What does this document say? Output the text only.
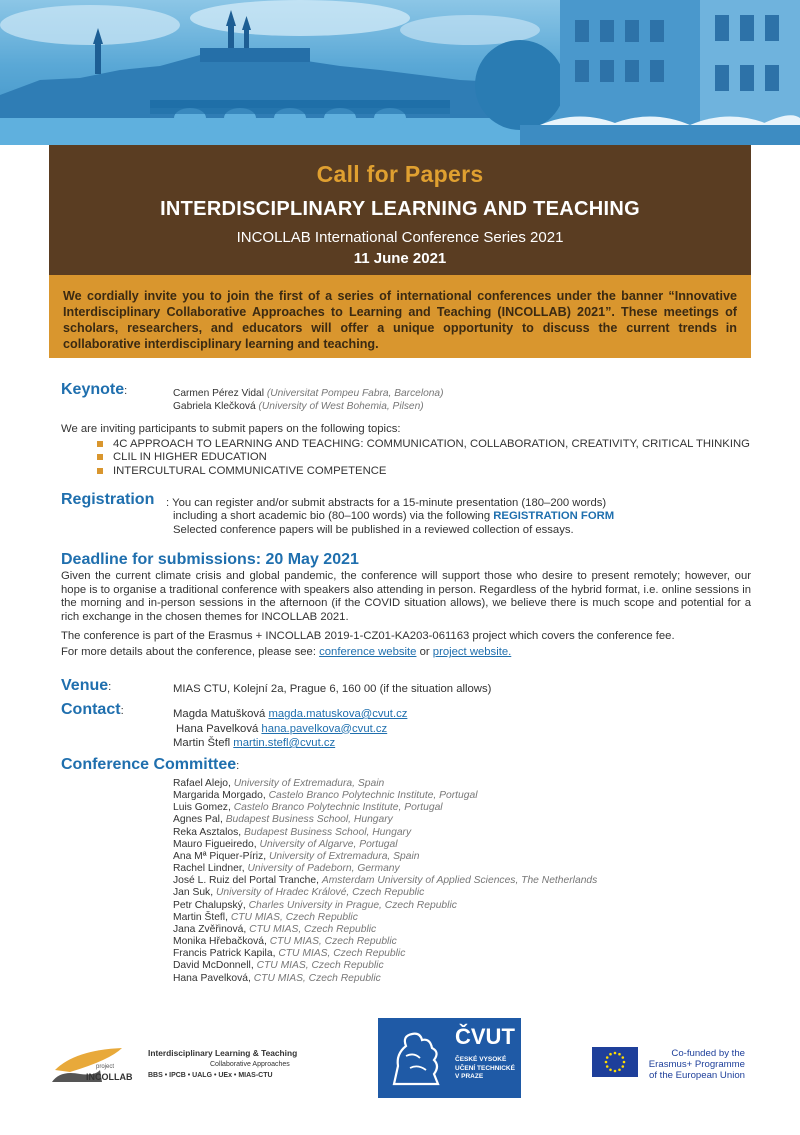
Call for Papers
INTERDISCIPLINARY LEARNING AND TEACHING
INCOLLAB International Conference Series 2021
11 June 2021

We cordially invite you to join the first of a series of international conferences under the banner “Innovative Interdisciplinary Collaborative Approaches to Learning and Teaching (INCOLLAB) 2021”. These meetings of scholars, researchers, and educators will offer a unique opportunity to discuss the current trends in collaborative interdisciplinary learning and teaching.

Keynote:	Carmen Pérez Vidal (Universitat Pompeu Fabra, Barcelona)
Gabriela Klečková (University of West Bohemia, Pilsen)
We are inviting participants to submit papers on the following topics:
4C APPROACH TO LEARNING AND TEACHING: COMMUNICATION, COLLABORATION, CREATIVITY, CRITICAL THINKING
CLIL IN HIGHER EDUCATION
INTERCULTURAL COMMUNICATIVE COMPETENCE
Registration : You can register and/or submit abstracts for a 15-minute presentation (180–200 words)
including a short academic bio (80–100 words) via the following REGISTRATION FORM
Selected conference papers will be published in a reviewed collection of essays.
Deadline for submissions: 20 May 2021

Given the current climate crisis and global pandemic, the conference will support those who desire to present remotely; however, our hope is to organise a traditional conference with speakers also attending in person. Regardless of the hybrid format, i.e. online sessions in the morning and in-person sessions in the afternoon (if the COVID situation allows), we believe there is much scope and potential for a rich exchange in the chosen themes for INCOLLAB 2021.

The conference is part of the Erasmus + INCOLLAB 2019-1-CZ01-KA203-061163 project which covers the conference fee.

For more details about the conference, please see: conference website or project website.

Venue:	MIAS CTU, Kolejní 2a, Prague 6, 160 00 (if the situation allows)
Contact:	Magda Matušková magda.matuskova@cvut.cz
Hana Pavelková hana.pavelkova@cvut.cz
Martin Štefl martin.stefl@cvut.cz
Conference Committee:
Rafael Alejo, University of Extremadura, Spain
Margarida Morgado, Castelo Branco Polytechnic Institute, Portugal
Luis Gomez, Castelo Branco Polytechnic Institute, Portugal
Agnes Pal, Budapest Business School, Hungary
Reka Asztalos, Budapest Business School, Hungary
Mauro Figueiredo, University of Algarve, Portugal
Ana Mª Piquer-Píriz, University of Extremadura, Spain
Rachel Lindner, University of Padeborn, Germany
José L. Ruiz del Portal Tranche, Amsterdam University of Applied Sciences, The Netherlands
Jan Suk, University of Hradec Králové, Czech Republic
Petr Chalupský, Charles University in Prague, Czech Republic
Martin Štefl, CTU MIAS, Czech Republic
Jana Zvěřinová, CTU MIAS, Czech Republic
Monika Hřebačková, CTU MIAS, Czech Republic
Francis Patrick Kapila, CTU MIAS, Czech Republic
David McDonnell, CTU MIAS, Czech Republic
Hana Pavelková, CTU MIAS, Czech Republic
project
INCOLLAB
Interdisciplinary Learning & Teaching
Collaborative Approaches
BBS • IPCB • UALG • UEx • MIAS-CTU
ČVUT
ČESKÉ VYSOKÉ
UČENÍ TECHNICKÉ
V PRAZE
Co-funded by the
Erasmus+ Programme
of the European Union
